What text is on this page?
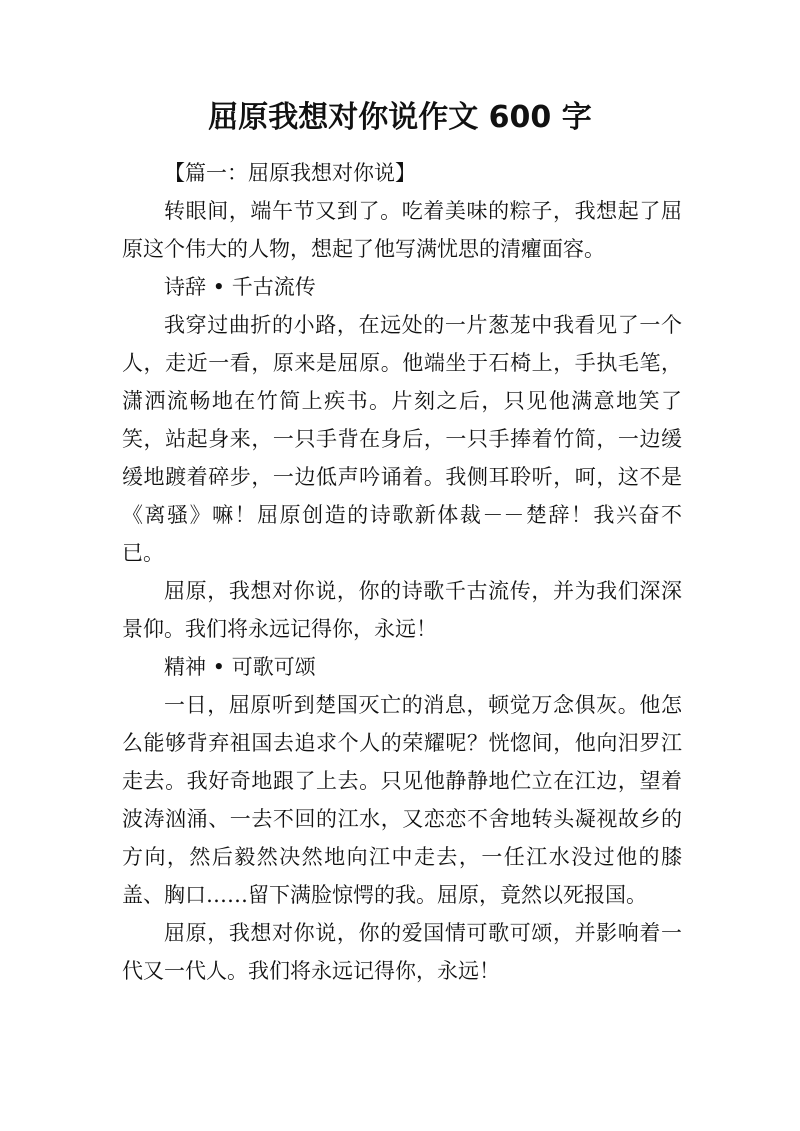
屈原我想对你说作文 600 字

【篇一：屈原我想对你说】

转眼间，端午节又到了。吃着美味的粽子，我想起了屈原这个伟大的人物，想起了他写满忧思的清癯面容。

诗辞 • 千古流传

我穿过曲折的小路，在远处的一片葱茏中我看见了一个人，走近一看，原来是屈原。他端坐于石椅上，手执毛笔，潇洒流畅地在竹简上疾书。片刻之后，只见他满意地笑了笑，站起身来，一只手背在身后，一只手捧着竹简，一边缓缓地踱着碎步，一边低声吟诵着。我侧耳聆听，呵，这不是《离骚》嘛！屈原创造的诗歌新体裁－－楚辞！我兴奋不已。

屈原，我想对你说，你的诗歌千古流传，并为我们深深景仰。我们将永远记得你，永远！

精神 • 可歌可颂

一日，屈原听到楚国灭亡的消息，顿觉万念俱灰。他怎么能够背弃祖国去追求个人的荣耀呢？恍惚间，他向汨罗江走去。我好奇地跟了上去。只见他静静地伫立在江边，望着波涛汹涌、一去不回的江水，又恋恋不舍地转头凝视故乡的方向，然后毅然决然地向江中走去，一任江水没过他的膝盖、胸口……留下满脸惊愕的我。屈原，竟然以死报国。

屈原，我想对你说，你的爱国情可歌可颂，并影响着一代又一代人。我们将永远记得你，永远！
